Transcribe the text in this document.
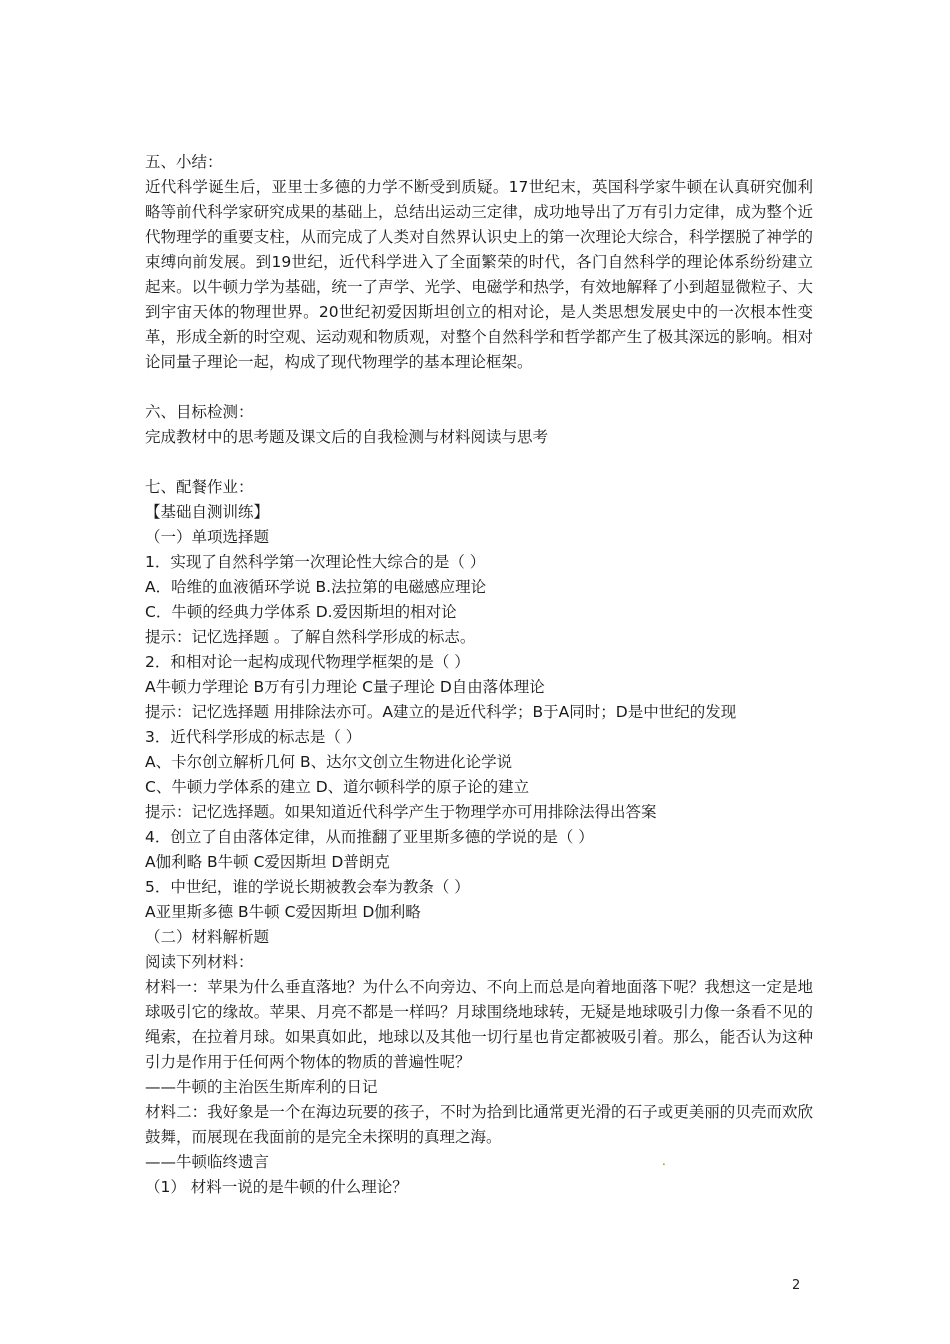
五、小结：
近代科学诞生后，亚里士多德的力学不断受到质疑。17世纪末，英国科学家牛顿在认真研究伽利略等前代科学家研究成果的基础上，总结出运动三定律，成功地导出了万有引力定律，成为整个近代物理学的重要支柱，从而完成了人类对自然界认识史上的第一次理论大综合，科学摆脱了神学的束缚向前发展。到19世纪，近代科学进入了全面繁荣的时代，各门自然科学的理论体系纷纷建立起来。以牛顿力学为基础，统一了声学、光学、电磁学和热学，有效地解释了小到超显微粒子、大到宇宙天体的物理世界。20世纪初爱因斯坦创立的相对论，是人类思想发展史中的一次根本性变革，形成全新的时空观、运动观和物质观，对整个自然科学和哲学都产生了极其深远的影响。相对论同量子理论一起，构成了现代物理学的基本理论框架。
六、目标检测：
完成教材中的思考题及课文后的自我检测与材料阅读与思考
七、配餐作业：
【基础自测训练】
（一）单项选择题
1．实现了自然科学第一次理论性大综合的是（ ）
A．哈维的血液循环学说 B.法拉第的电磁感应理论
C．牛顿的经典力学体系 D.爱因斯坦的相对论
提示：记忆选择题 。了解自然科学形成的标志。
2．和相对论一起构成现代物理学框架的是（ ）
A牛顿力学理论 B万有引力理论 C量子理论 D自由落体理论
提示：记忆选择题 用排除法亦可。A建立的是近代科学；B于A同时；D是中世纪的发现
3．近代科学形成的标志是（ ）
A、卡尔创立解析几何 B、达尔文创立生物进化论学说
C、牛顿力学体系的建立 D、道尔顿科学的原子论的建立
提示：记忆选择题。如果知道近代科学产生于物理学亦可用排除法得出答案
4．创立了自由落体定律，从而推翻了亚里斯多德的学说的是（ ）
A伽利略 B牛顿 C爱因斯坦 D普朗克
5．中世纪，谁的学说长期被教会奉为教条（ ）
A亚里斯多德 B牛顿 C爱因斯坦 D伽利略
（二）材料解析题
阅读下列材料：
材料一：苹果为什么垂直落地？为什么不向旁边、不向上而总是向着地面落下呢？我想这一定是地球吸引它的缘故。苹果、月亮不都是一样吗？月球围绕地球转，无疑是地球吸引力像一条看不见的绳索，在拉着月球。如果真如此，地球以及其他一切行星也肯定都被吸引着。那么，能否认为这种引力是作用于任何两个物体的物质的普遍性呢？
——牛顿的主治医生斯库利的日记
材料二：我好象是一个在海边玩要的孩子，不时为拾到比通常更光滑的石子或更美丽的贝壳而欢欣鼓舞，而展现在我面前的是完全未探明的真理之海。
——牛顿临终遗言
（1） 材料一说的是牛顿的什么理论？
.
2
